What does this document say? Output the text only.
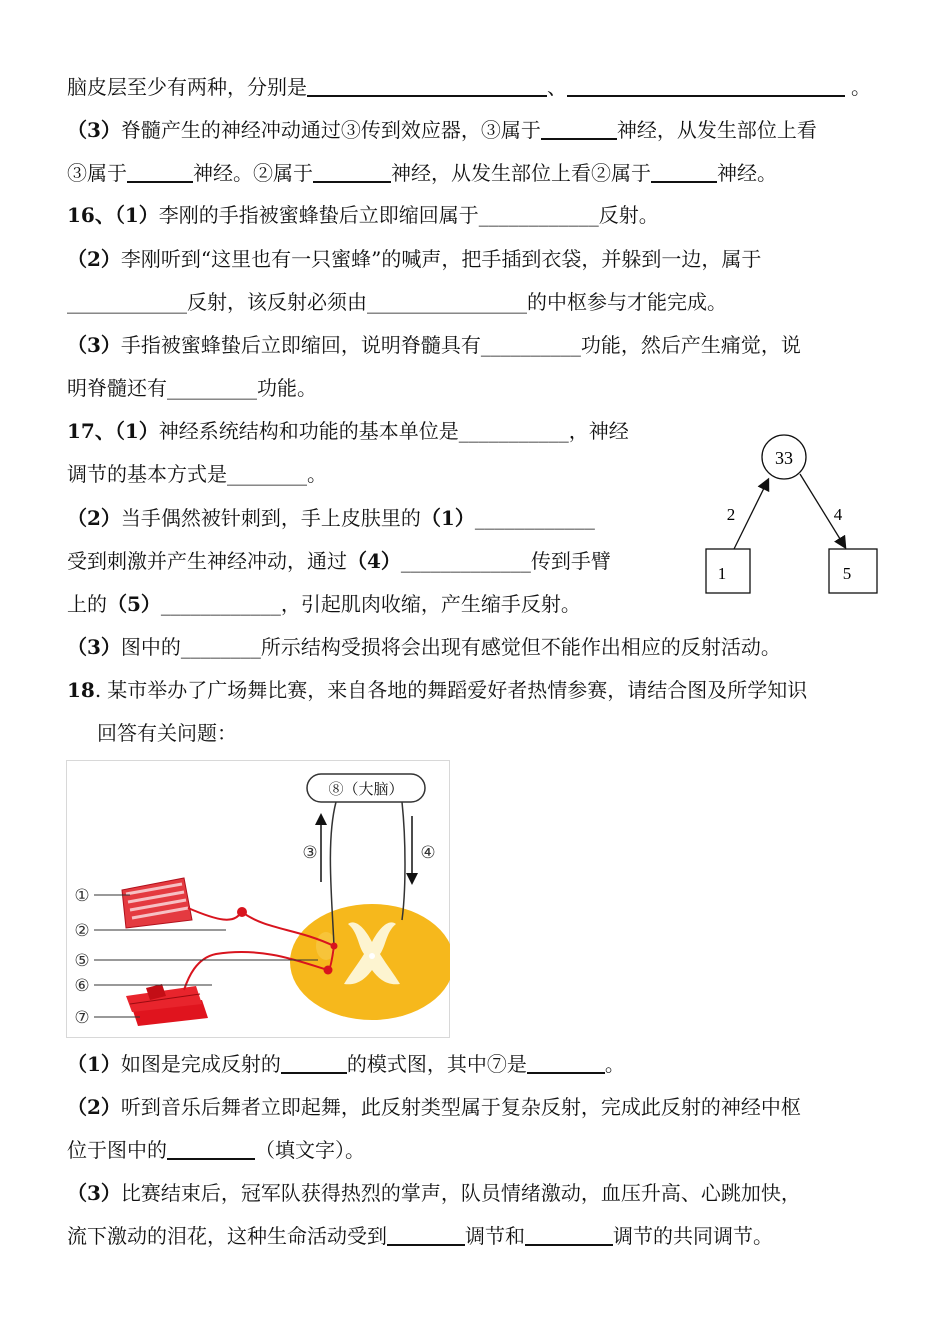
脑皮层至少有两种，分别是	、	。
（3）脊髓产生的神经冲动通过③传到效应器，③属于	神经，从发生部位上看
③属于	神经。②属于	神经，从发生部位上看②属于	神经。
16、（1）李刚的手指被蜜蜂蛰后立即缩回属于____________反射。
（2）李刚听到“这里也有一只蜜蜂”的喊声，把手插到衣袋，并躲到一边，属于
____________反射，该反射必须由________________的中枢参与才能完成。
（3）手指被蜜蜂蛰后立即缩回，说明脊髓具有__________功能，然后产生痛觉，说
明脊髓还有_________功能。
17、（1）神经系统结构和功能的基本单位是___________，神经
调节的基本方式是________。
（2）当手偶然被针刺到，手上皮肤里的（1）____________
受到刺激并产生神经冲动，通过（4）_____________传到手臂
上的（5）____________，引起肌肉收缩，产生缩手反射。
（3）图中的________所示结构受损将会出现有感觉但不能作出相应的反射活动。
33
2	4
1	5
18. 某市举办了广场舞比赛，来自各地的舞蹈爱好者热情参赛，请结合图及所学知识
回答有关问题：
⑧（大脑）
③	④
①
②
⑤
⑥
⑦
（1）如图是完成反射的	的模式图，其中⑦是	。
（2）听到音乐后舞者立即起舞，此反射类型属于复杂反射，完成此反射的神经中枢
位于图中的	（填文字）。
（3）比赛结束后，冠军队获得热烈的掌声，队员情绪激动，血压升高、心跳加快，
流下激动的泪花，这种生命活动受到	调节和	调节的共同调节。
